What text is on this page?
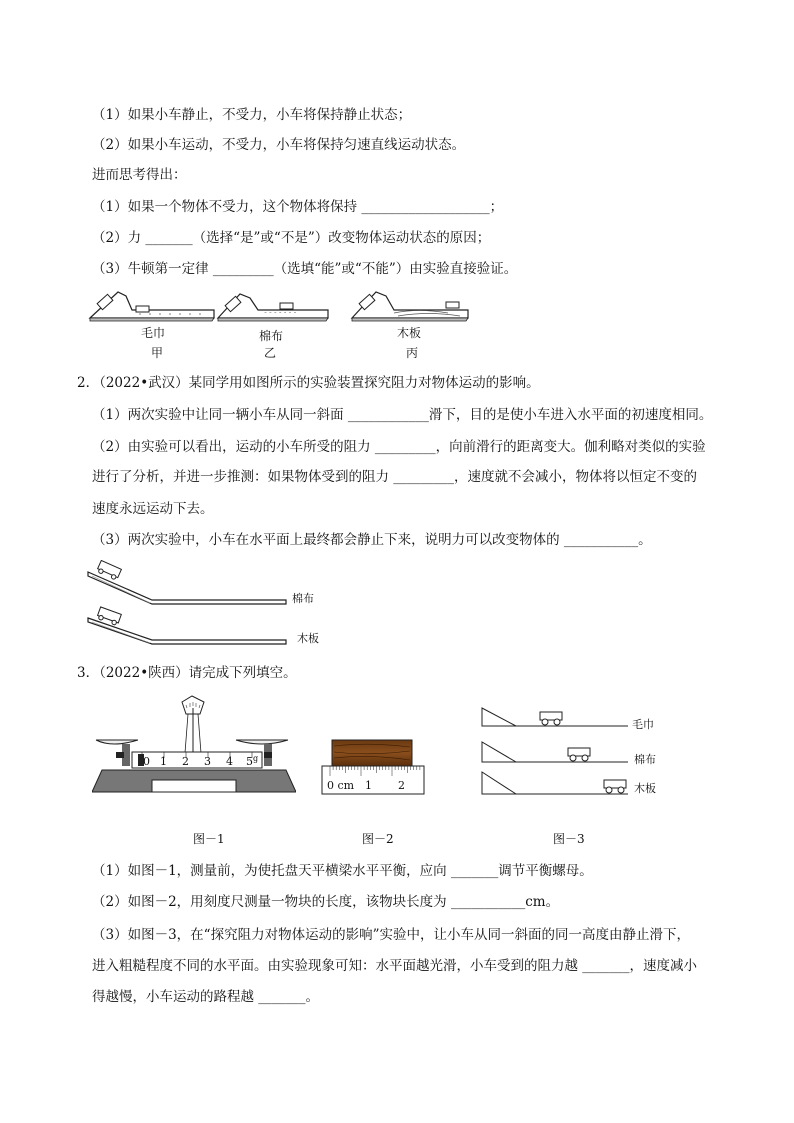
（1）如果小车静止，不受力，小车将保持静止状态；
（2）如果小车运动，不受力，小车将保持匀速直线运动状态。
进而思考得出：
（1）如果一个物体不受力，这个物体将保持 ___________________；
（2）力 _______（选择“是”或“不是”）改变物体运动状态的原因；
（3）牛顿第一定律 _________（选填“能”或“不能”）由实验直接验证。
˘ ˘ ˘ ˘ ˘ ˘ ˘
毛巾
甲
棉布
乙
木板
丙
2．（2022•武汉）某同学用如图所示的实验装置探究阻力对物体运动的影响。
（1）两次实验中让同一辆小车从同一斜面 ____________滑下，目的是使小车进入水平面的初速度相同。
（2）由实验可以看出，运动的小车所受的阻力 _________，向前滑行的距离变大。伽利略对类似的实验
进行了分析，并进一步推测：如果物体受到的阻力 _________，速度就不会减小，物体将以恒定不变的
速度永远运动下去。
（3）两次实验中，小车在水平面上最终都会静止下来，说明力可以改变物体的 ___________。
棉布
木板
3．（2022•陕西）请完成下列填空。
0 1 2 3 4 5 g
0 cm 1 2
毛巾
棉布
木板
图－1	图－2	图－3
（1）如图－1，测量前，为使托盘天平横梁水平平衡，应向 _______调节平衡螺母。
（2）如图－2，用刻度尺测量一物块的长度，该物块长度为 ___________cm。
（3）如图－3，在“探究阻力对物体运动的影响”实验中，让小车从同一斜面的同一高度由静止滑下，
进入粗糙程度不同的水平面。由实验现象可知：水平面越光滑，小车受到的阻力越 _______，速度减小
得越慢，小车运动的路程越 _______。
